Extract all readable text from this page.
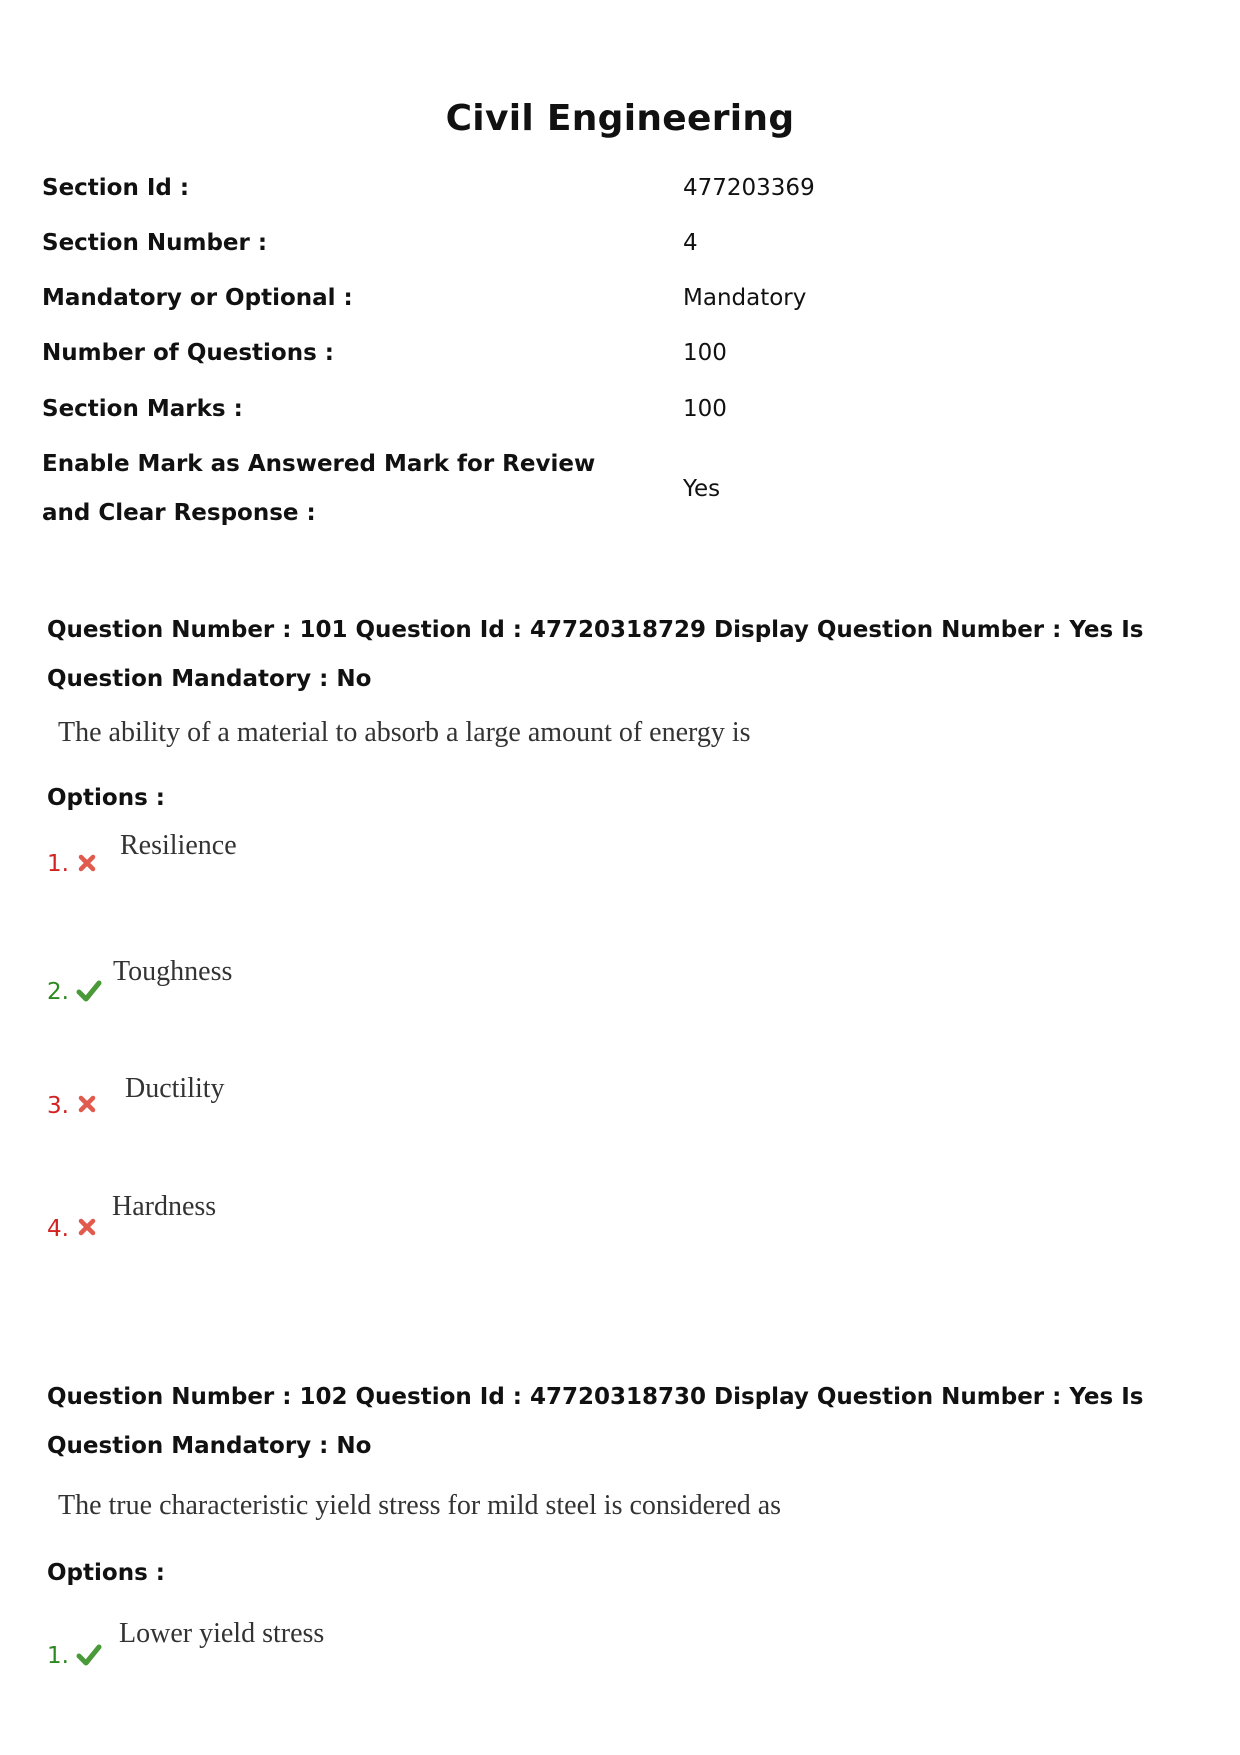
Civil Engineering
Section Id :	477203369
Section Number :	4
Mandatory or Optional :	Mandatory
Number of Questions :	100
Section Marks :	100
Enable Mark as Answered Mark for Review and Clear Response :
Yes
Question Number : 101 Question Id : 47720318729 Display Question Number : Yes Is Question Mandatory : No
The ability of a material to absorb a large amount of energy is
Options :
1.
Resilience
2.
Toughness
3.
Ductility
4.
Hardness
Question Number : 102 Question Id : 47720318730 Display Question Number : Yes Is Question Mandatory : No
The true characteristic yield stress for mild steel is considered as
Options :
1.
Lower yield stress
